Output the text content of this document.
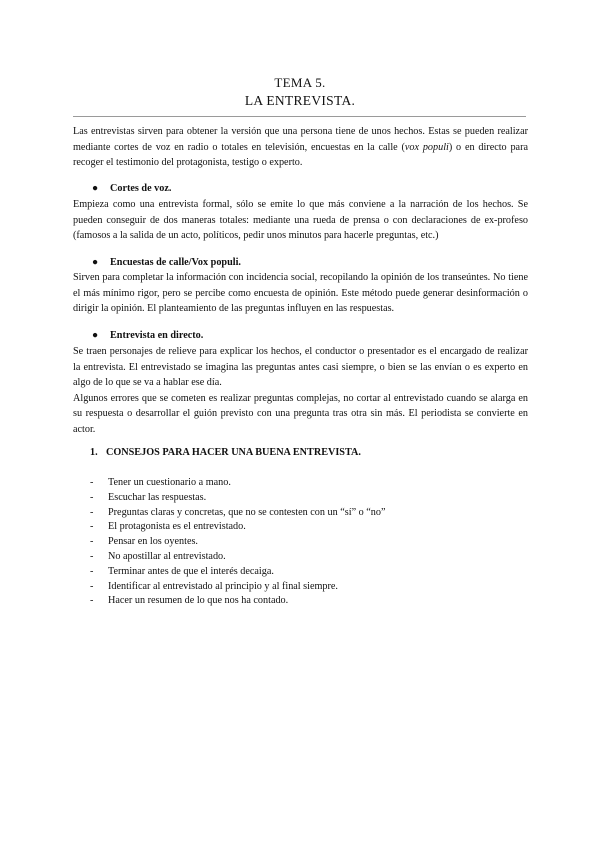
TEMA 5.
LA ENTREVISTA.

Las entrevistas sirven para obtener la versión que una persona tiene de unos hechos. Estas se pueden realizar mediante cortes de voz en radio o totales en televisión, encuestas en la calle (vox populi) o en directo para recoger el testimonio del protagonista, testigo o experto.

● Cortes de voz.

Empieza como una entrevista formal, sólo se emite lo que más conviene a la narración de los hechos. Se pueden conseguir de dos maneras totales: mediante una rueda de prensa o con declaraciones de ex-profeso (famosos a la salida de un acto, políticos, pedir unos minutos para hacerle preguntas, etc.)

● Encuestas de calle/Vox populi.

Sirven para completar la información con incidencia social, recopilando la opinión de los transeúntes. No tiene el más mínimo rigor, pero se percibe como encuesta de opinión. Este método puede generar desinformación o dirigir la opinión. El planteamiento de las preguntas influyen en las respuestas.

● Entrevista en directo.

Se traen personajes de relieve para explicar los hechos, el conductor o presentador es el encargado de realizar la entrevista. El entrevistado se imagina las preguntas antes casi siempre, o bien se las envían o es experto en algo de lo que se va a hablar ese día.

Algunos errores que se cometen es realizar preguntas complejas, no cortar al entrevistado cuando se alarga en su respuesta o desarrollar el guión previsto con una pregunta tras otra sin más. El periodista se convierte en actor.

1. CONSEJOS PARA HACER UNA BUENA ENTREVISTA.
- Tener un cuestionario a mano.
- Escuchar las respuestas.
- Preguntas claras y concretas, que no se contesten con un “sí” o “no”
- El protagonista es el entrevistado.
- Pensar en los oyentes.
- No apostillar al entrevistado.
- Terminar antes de que el interés decaiga.
- Identificar al entrevistado al principio y al final siempre.
- Hacer un resumen de lo que nos ha contado.
